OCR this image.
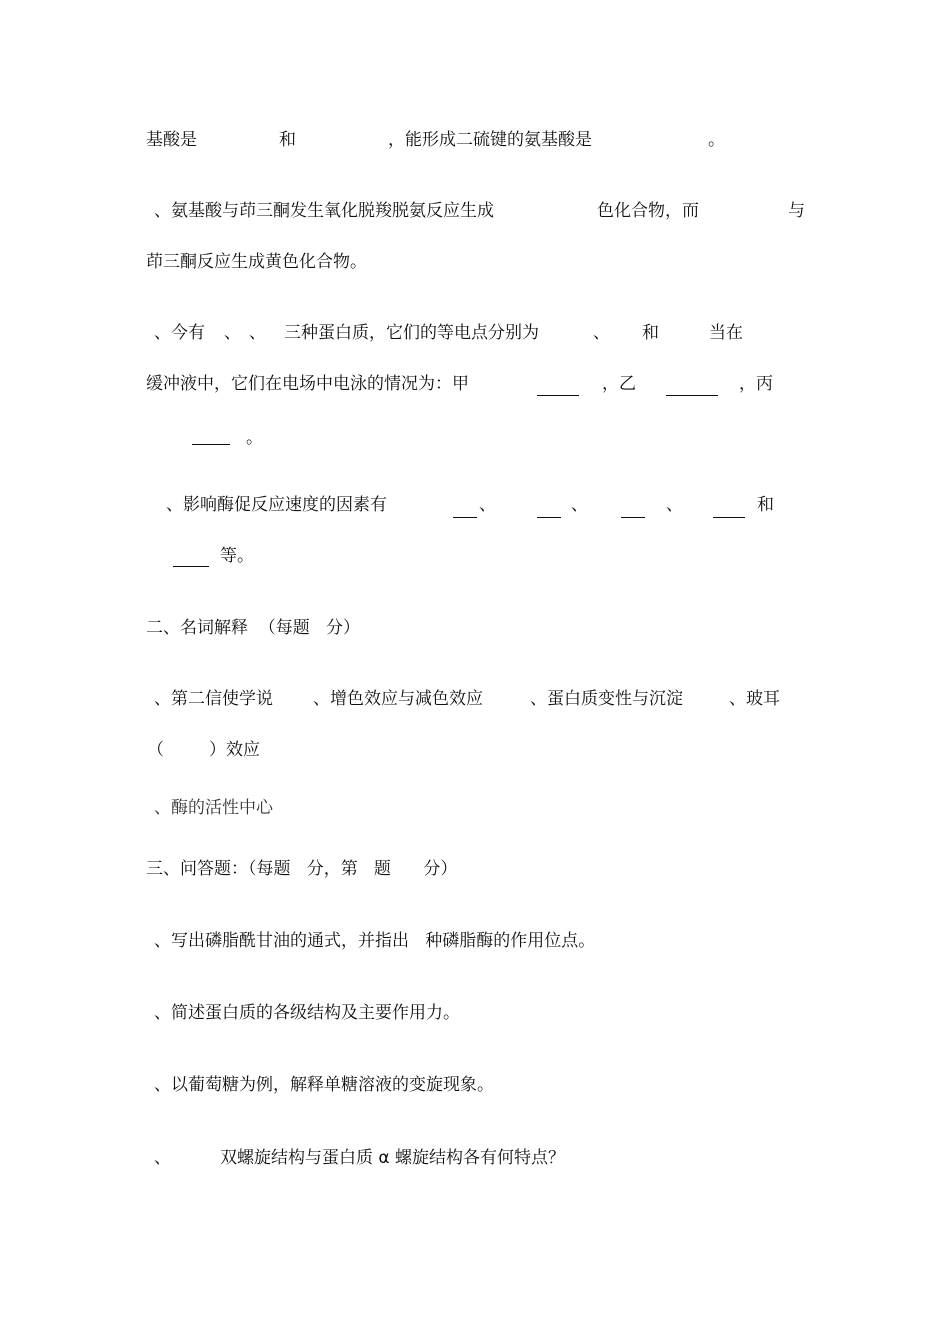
基酸是	和	，能形成二硫键的氨基酸是	。
、氨基酸与茚三酮发生氧化脱羧脱氨反应生成	色化合物，而	与
茚三酮反应生成黄色化合物。
、今有 、 、 三种蛋白质，它们的等电点分别为	、 和	当在
缓冲液中，它们在电场中电泳的情况为：甲	，乙	，丙
。
、影响酶促反应速度的因素有	、	、	、	和
等。
二、名词解释  （每题   分）
、第二信使学说 、增色效应与减色效应	、蛋白质变性与沉淀	、玻耳
（	）效应
、酶的活性中心
三、问答题：（每题   分，第   题      分）
、写出磷脂酰甘油的通式，并指出   种磷脂酶的作用位点。
、简述蛋白质的各级结构及主要作用力。
、以葡萄糖为例，解释单糖溶液的变旋现象。
、	双螺旋结构与蛋白质 α 螺旋结构各有何特点？
